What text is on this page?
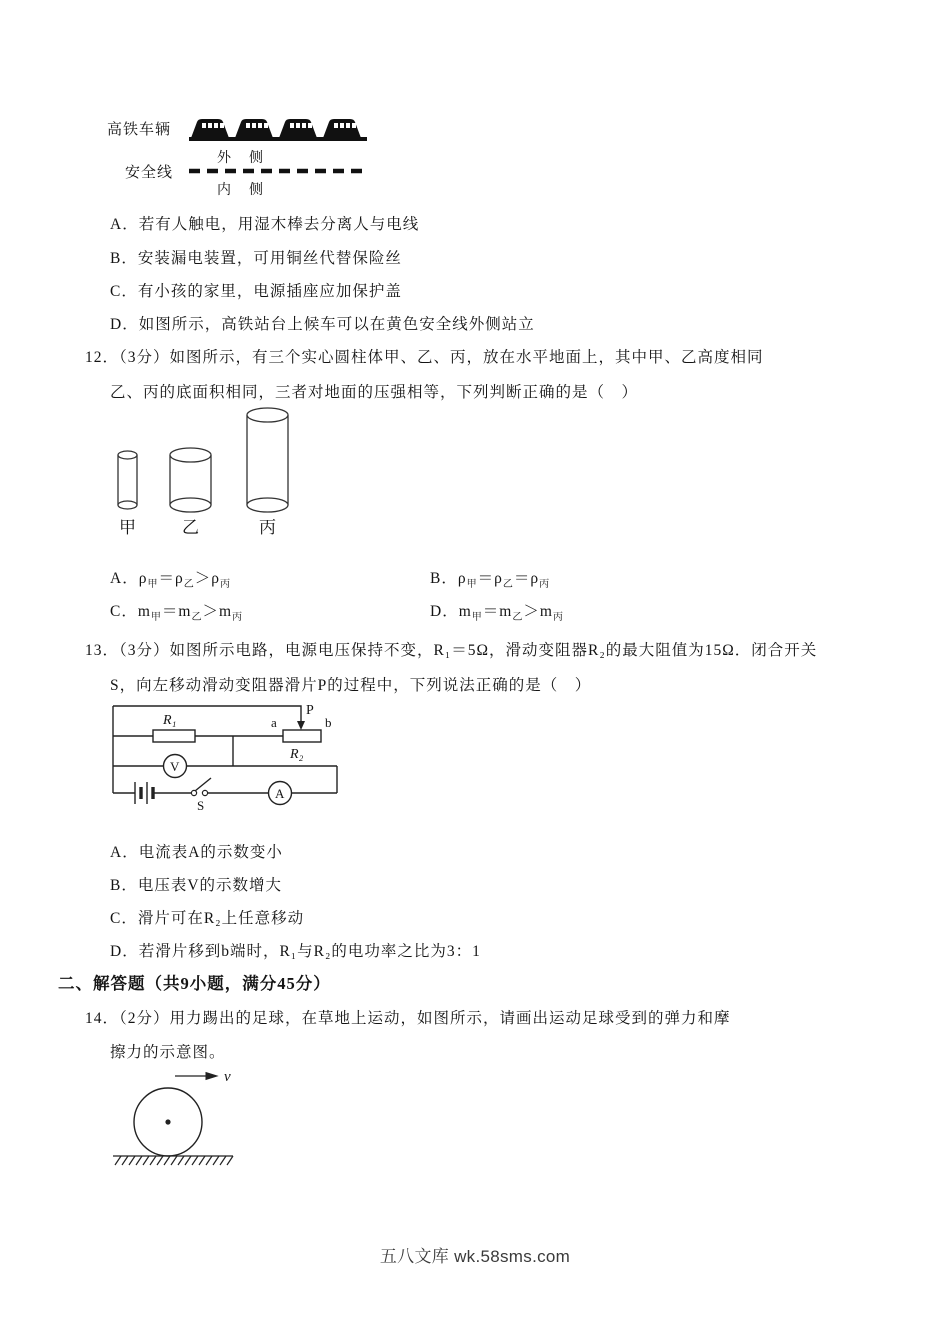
高铁车辆
外　侧
安全线
内　侧
A．若有人触电，用湿木棒去分离人与电线
B．安装漏电装置，可用铜丝代替保险丝
C．有小孩的家里，电源插座应加保护盖
D．如图所示，高铁站台上候车可以在黄色安全线外侧站立
12．（3分）如图所示，有三个实心圆柱体甲、乙、丙，放在水平地面上，其中甲、乙高度相同
乙、丙的底面积相同，三者对地面的压强相等，下列判断正确的是（　）
甲	乙	丙
A．$\rho_甲=\rho_乙>\rho_丙$	B．$\rho_甲=\rho_乙=\rho_丙$
C．$m_甲=m_乙>m_丙$	D．$m_甲=m_乙>m_丙$
13．（3分）如图所示电路，电源电压保持不变，R₁＝5Ω，滑动变阻器R₂的最大阻值为15Ω．闭合开关
S，向左移动滑动变阻器滑片P的过程中，下列说法正确的是（　）
V
A
P
R₁	a	b
R₂
S
A．电流表A的示数变小
B．电压表V的示数增大
C．滑片可在R₂上任意移动
D．若滑片移到b端时，R₁与R₂的电功率之比为3：1
二、解答题（共9小题，满分45分）
14．（2分）用力踢出的足球，在草地上运动，如图所示，请画出运动足球受到的弹力和摩
擦力的示意图。
v
五八文库 wk.58sms.com
